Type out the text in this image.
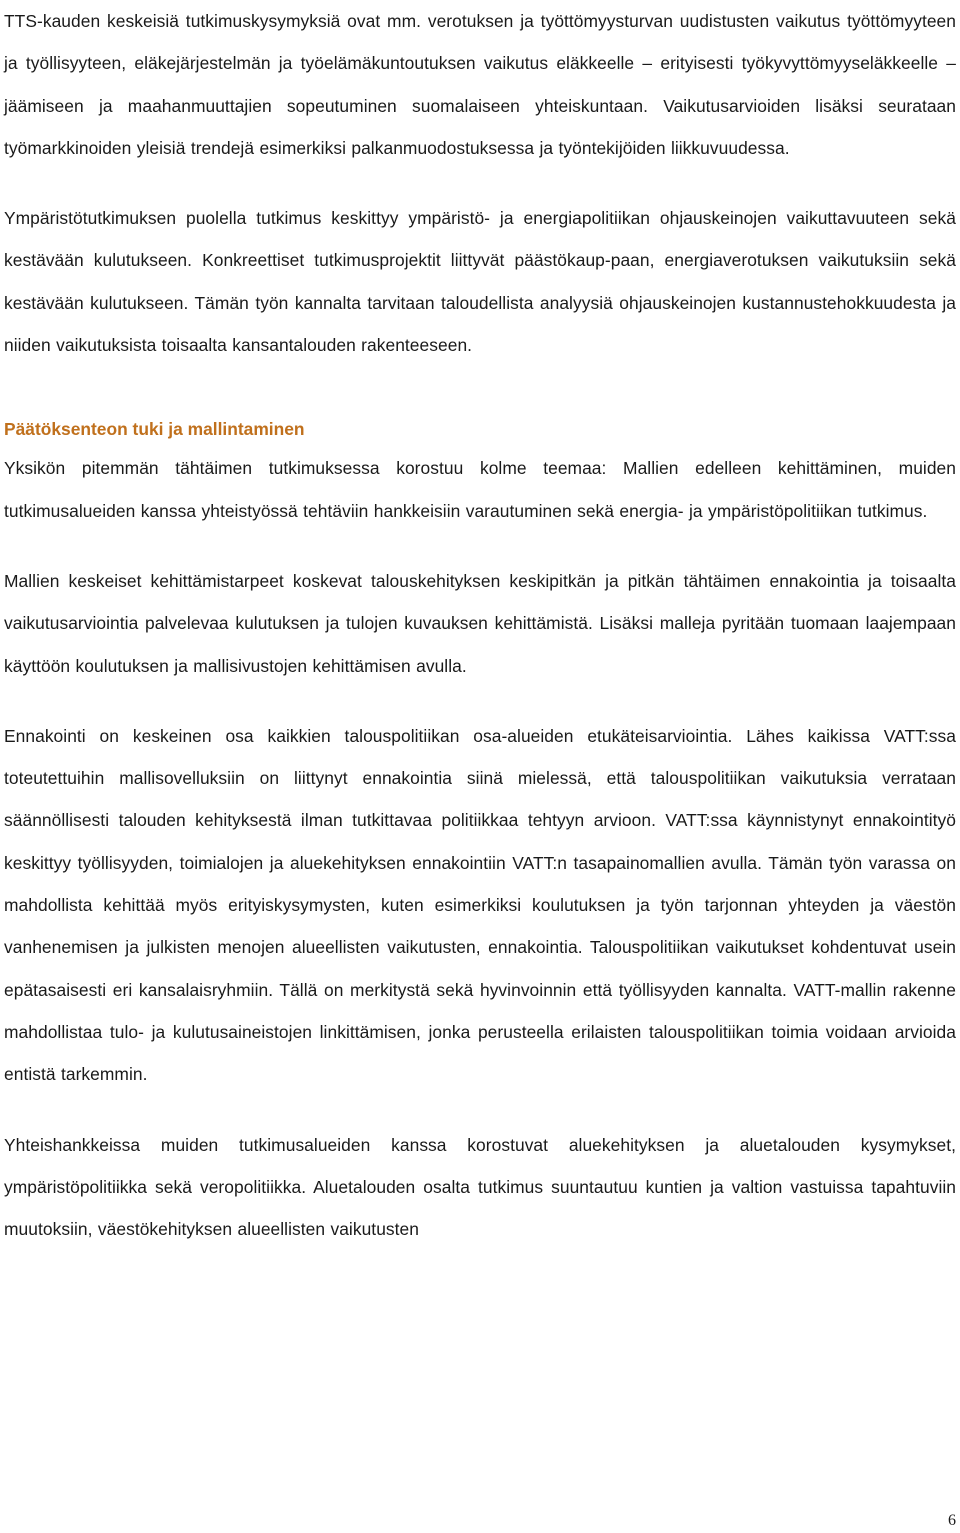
TTS-kauden keskeisiä tutkimuskysymyksiä ovat mm. verotuksen ja työttömyysturvan uudistusten vaikutus työttömyyteen ja työllisyyteen, eläkejärjestelmän ja työelämäkuntoutuksen vaikutus eläkkeelle – erityisesti työkyvyttömyyseläkkeelle – jäämiseen ja maahanmuuttajien sopeutuminen suomalaiseen yhteiskuntaan. Vaikutusarvioiden lisäksi seurataan työmarkkinoiden yleisiä trendejä esimerkiksi palkanmuodostuksessa ja työntekijöiden liikkuvuudessa.

Ympäristötutkimuksen puolella tutkimus keskittyy ympäristö- ja energiapolitiikan ohjauskeinojen vaikuttavuuteen sekä kestävään kulutukseen. Konkreettiset tutkimusprojektit liittyvät päästökaup-paan, energiaverotuksen vaikutuksiin sekä kestävään kulutukseen. Tämän työn kannalta tarvitaan taloudellista analyysiä ohjauskeinojen kustannustehokkuudesta ja niiden vaikutuksista toisaalta kansantalouden rakenteeseen.

Päätöksenteon tuki ja mallintaminen

Yksikön pitemmän tähtäimen tutkimuksessa korostuu kolme teemaa: Mallien edelleen kehittäminen, muiden tutkimusalueiden kanssa yhteistyössä tehtäviin hankkeisiin varautuminen sekä energia- ja ympäristöpolitiikan tutkimus.

Mallien keskeiset kehittämistarpeet koskevat talouskehityksen keskipitkän ja pitkän tähtäimen ennakointia ja toisaalta vaikutusarviointia palvelevaa kulutuksen ja tulojen kuvauksen kehittämistä. Lisäksi malleja pyritään tuomaan laajempaan käyttöön koulutuksen ja mallisivustojen kehittämisen avulla.

Ennakointi on keskeinen osa kaikkien talouspolitiikan osa-alueiden etukäteisarviointia. Lähes kaikissa VATT:ssa toteutettuihin mallisovelluksiin on liittynyt ennakointia siinä mielessä, että talouspolitiikan vaikutuksia verrataan säännöllisesti talouden kehityksestä ilman tutkittavaa politiikkaa tehtyyn arvioon. VATT:ssa käynnistynyt ennakointityö keskittyy työllisyyden, toimialojen ja aluekehityksen ennakointiin VATT:n tasapainomallien avulla. Tämän työn varassa on mahdollista kehittää myös erityiskysymysten, kuten esimerkiksi koulutuksen ja työn tarjonnan yhteyden ja väestön vanhenemisen ja julkisten menojen alueellisten vaikutusten, ennakointia. Talouspolitiikan vaikutukset kohdentuvat usein epätasaisesti eri kansalaisryhmiin. Tällä on merkitystä sekä hyvinvoinnin että työllisyyden kannalta. VATT-mallin rakenne mahdollistaa tulo- ja kulutusaineistojen linkittämisen, jonka perusteella erilaisten talouspolitiikan toimia voidaan arvioida entistä tarkemmin.

Yhteishankkeissa muiden tutkimusalueiden kanssa korostuvat aluekehityksen ja aluetalouden kysymykset, ympäristöpolitiikka sekä veropolitiikka. Aluetalouden osalta tutkimus suuntautuu kuntien ja valtion vastuissa tapahtuviin muutoksiin, väestökehityksen alueellisten vaikutusten

6
